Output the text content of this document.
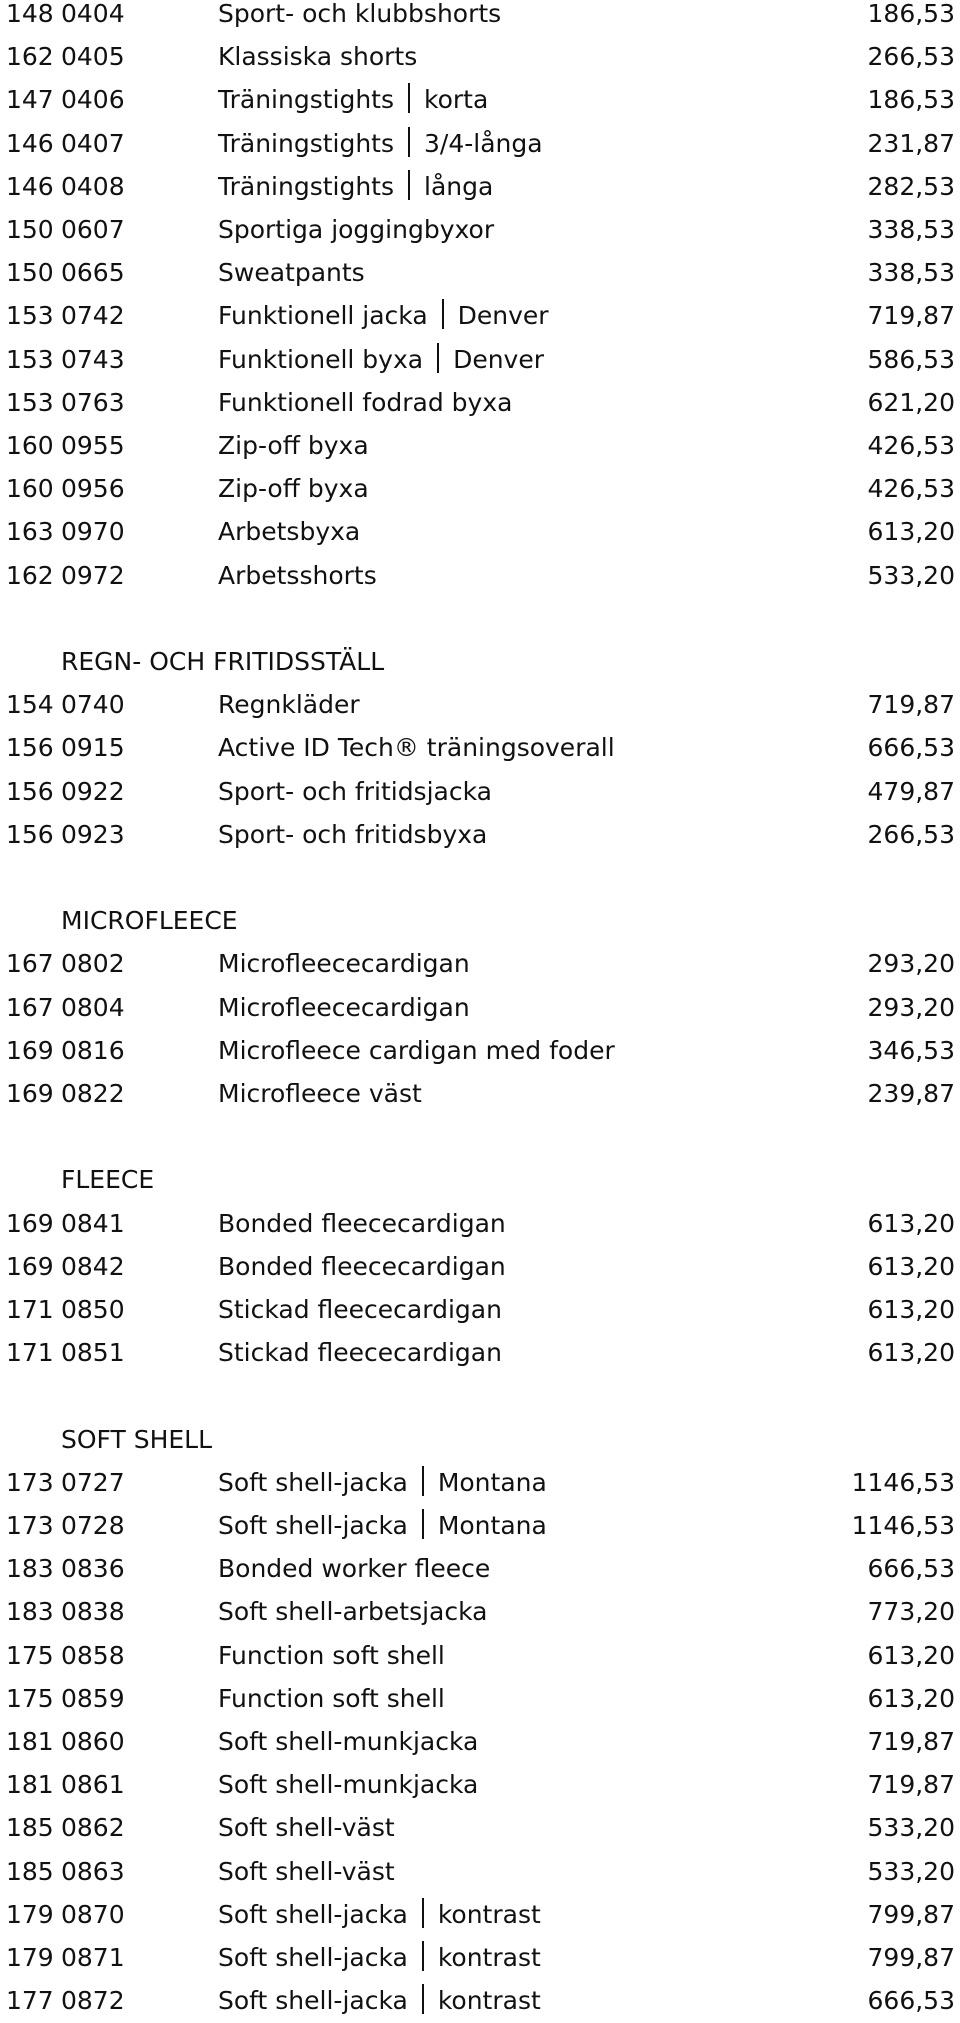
148 0404	Sport- och klubbshorts	186,53
162 0405	Klassiska shorts	266,53
147 0406	Träningstights korta	186,53
146 0407	Träningstights 3/4-långa	231,87
146 0408	Träningstights långa	282,53
150 0607	Sportiga joggingbyxor	338,53
150 0665	Sweatpants	338,53
153 0742	Funktionell jacka Denver	719,87
153 0743	Funktionell byxa Denver	586,53
153 0763	Funktionell fodrad byxa	621,20
160 0955	Zip-off byxa	426,53
160 0956	Zip-off byxa	426,53
163 0970	Arbetsbyxa	613,20
162 0972	Arbetsshorts	533,20
REGN- OCH FRITIDSSTÄLL
154 0740	Regnkläder	719,87
156 0915	Active ID Tech® träningsoverall	666,53
156 0922	Sport- och fritidsjacka	479,87
156 0923	Sport- och fritidsbyxa	266,53
MICROFLEECE
167 0802	Microfleececardigan	293,20
167 0804	Microfleececardigan	293,20
169 0816	Microfleece cardigan med foder	346,53
169 0822	Microfleece väst	239,87
FLEECE
169 0841	Bonded fleececardigan	613,20
169 0842	Bonded fleececardigan	613,20
171 0850	Stickad fleececardigan	613,20
171 0851	Stickad fleececardigan	613,20
SOFT SHELL
173 0727	Soft shell-jacka Montana	1146,53
173 0728	Soft shell-jacka Montana	1146,53
183 0836	Bonded worker fleece	666,53
183 0838	Soft shell-arbetsjacka	773,20
175 0858	Function soft shell	613,20
175 0859	Function soft shell	613,20
181 0860	Soft shell-munkjacka	719,87
181 0861	Soft shell-munkjacka	719,87
185 0862	Soft shell-väst	533,20
185 0863	Soft shell-väst	533,20
179 0870	Soft shell-jacka kontrast	799,87
179 0871	Soft shell-jacka kontrast	799,87
177 0872	Soft shell-jacka kontrast	666,53
